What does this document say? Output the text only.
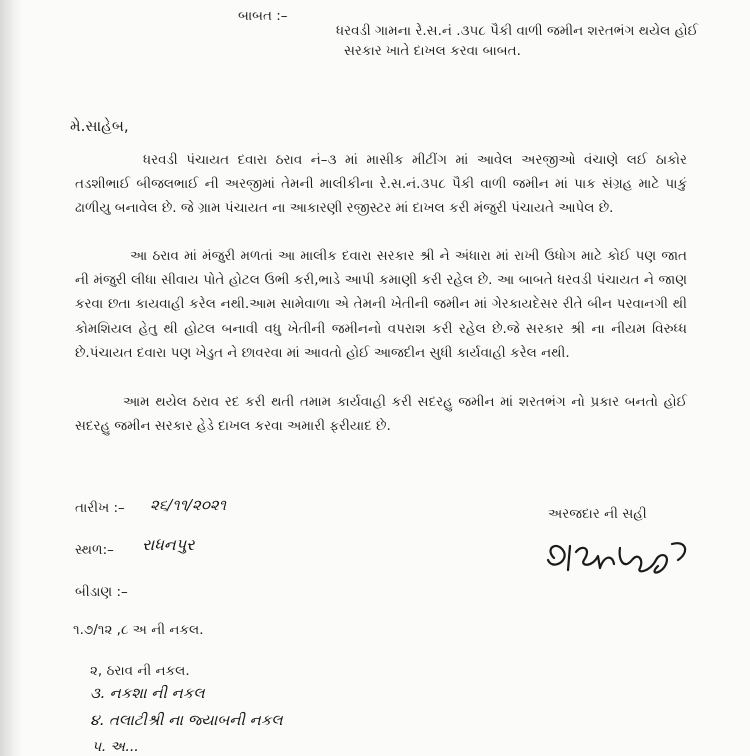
બાબત :–
ધરવડી ગામના રે.સ.નં .૩૫૮ પૈકી વાળી જમીન શરતભંગ થયેલ હોઈ
સરકાર ખાતે દાખલ કરવા બાબત.
મે.સાહેબ,
ધરવડી પંચાયત દવારા ઠરાવ નં–૩ માં માસીક મીટીંગ માં આવેલ અરજીઓ વંચાણે લઈ ઠાકોર તડશીભાઈ બીજલભાઈ ની અરજીમાં તેમની માલીકીના રે.સ.નં.૩૫૮ પૈકી વાળી જમીન માં પાક સંગ્રહ માટે પાકું ઢાળીયુ બનાવેલ છે. જે ગ્રામ પંચાયત ના આકારણી રજીસ્ટર માં દાખલ કરી મંજુરી પંચાયતે આપેલ છે.
આ ઠરાવ માં મંજુરી મળતાં આ માલીક દવારા સરકાર શ્રી ને અંધારા માં રાખી ઉધોગ માટે કોઈ પણ જાત ની મંજુરી લીધા સીવાય પોતે હોટલ ઉભી કરી,ભાડે આપી કમાણી કરી રહેલ છે. આ બાબતે ધરવડી પંચાયત ને જાણ કરવા છતા કાયવાહી કરેલ નથી.આમ સામેવાળા એ તેમની ખેતીની જમીન માં ગેરકાયદેસર રીતે બીન પરવાનગી થી કોમશિયલ હેતુ થી હોટલ બનાવી વધુ ખેતીની જમીનનો વપરાશ કરી રહેલ છે.જે સરકાર શ્રી ના નીયમ વિરુધ્ધ છે.પંચાયત દવારા પણ ખેડુત ને છાવરવા માં આવતો હોઈ આજદીન સુધી કાર્યવાહી કરેલ નથી.
આમ થયેલ ઠરાવ રદ કરી થતી તમામ કાર્યવાહી કરી સદરહુ જમીન માં શરતભંગ નો પ્રકાર બનતો હોઈ સદરહુ જમીન સરકાર હેડે દાખલ કરવા અમારી ફરીયાદ છે.
તારીખ :– ૨૬/૧૧/૨૦૨૧
સ્થળ:– રાધનપુર
અરજદાર ની સહી
બીડાણ :–
૧.૭/૧૨ ,૮ અ ની નકલ.
૨, ઠરાવ ની નકલ.
૩. નકશા ની નકલ
૪. તલાટીશ્રી ના જ્યાબની નકલ
૫. અ...
